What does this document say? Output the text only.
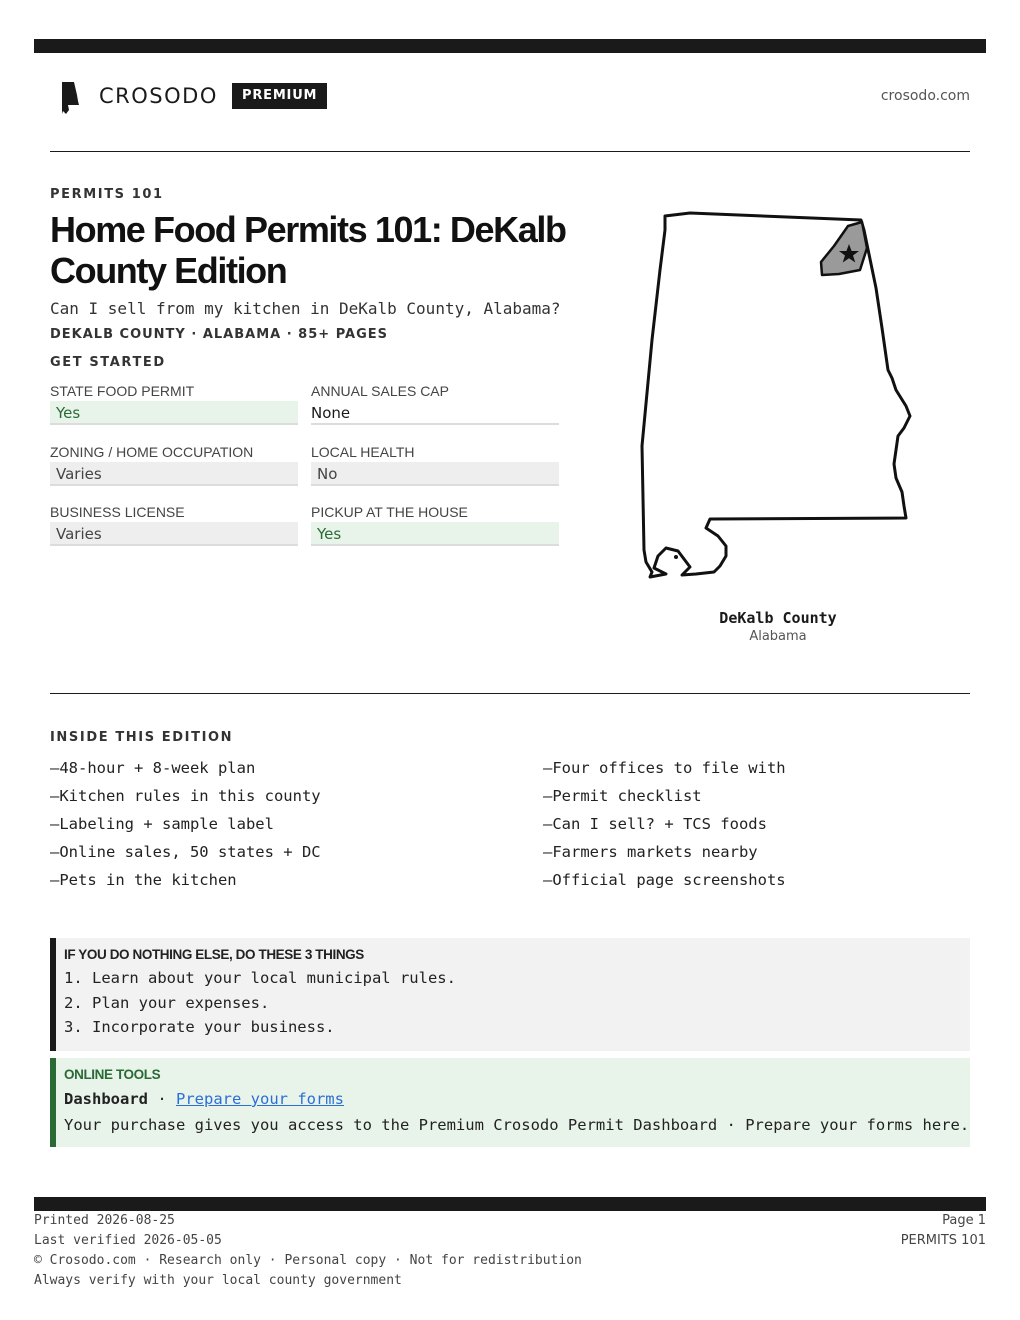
CROSODO	PREMIUM	crosodo.com
PERMITS 101
Home Food Permits 101: DeKalb County Edition
Can I sell from my kitchen in DeKalb County, Alabama?
DEKALB COUNTY · ALABAMA · 85+ PAGES
GET STARTED
STATE FOOD PERMIT
Yes
ANNUAL SALES CAP
None
ZONING / HOME OCCUPATION
Varies
LOCAL HEALTH
No
BUSINESS LICENSE
Varies
PICKUP AT THE HOUSE
Yes
DeKalb County
Alabama
INSIDE THIS EDITION
—48-hour + 8-week plan
—Kitchen rules in this county
—Labeling + sample label
—Online sales, 50 states + DC
—Pets in the kitchen
—Four offices to file with
—Permit checklist
—Can I sell? + TCS foods
—Farmers markets nearby
—Official page screenshots
IF YOU DO NOTHING ELSE, DO THESE 3 THINGS
1. Learn about your local municipal rules.
2. Plan your expenses.
3. Incorporate your business.
ONLINE TOOLS
Dashboard · Prepare your forms
Your purchase gives you access to the Premium Crosodo Permit Dashboard · Prepare your forms here.
Printed 2026-08-25
Last verified 2026-05-05
© Crosodo.com · Research only · Personal copy · Not for redistribution
Always verify with your local county government
Page 1
PERMITS 101
